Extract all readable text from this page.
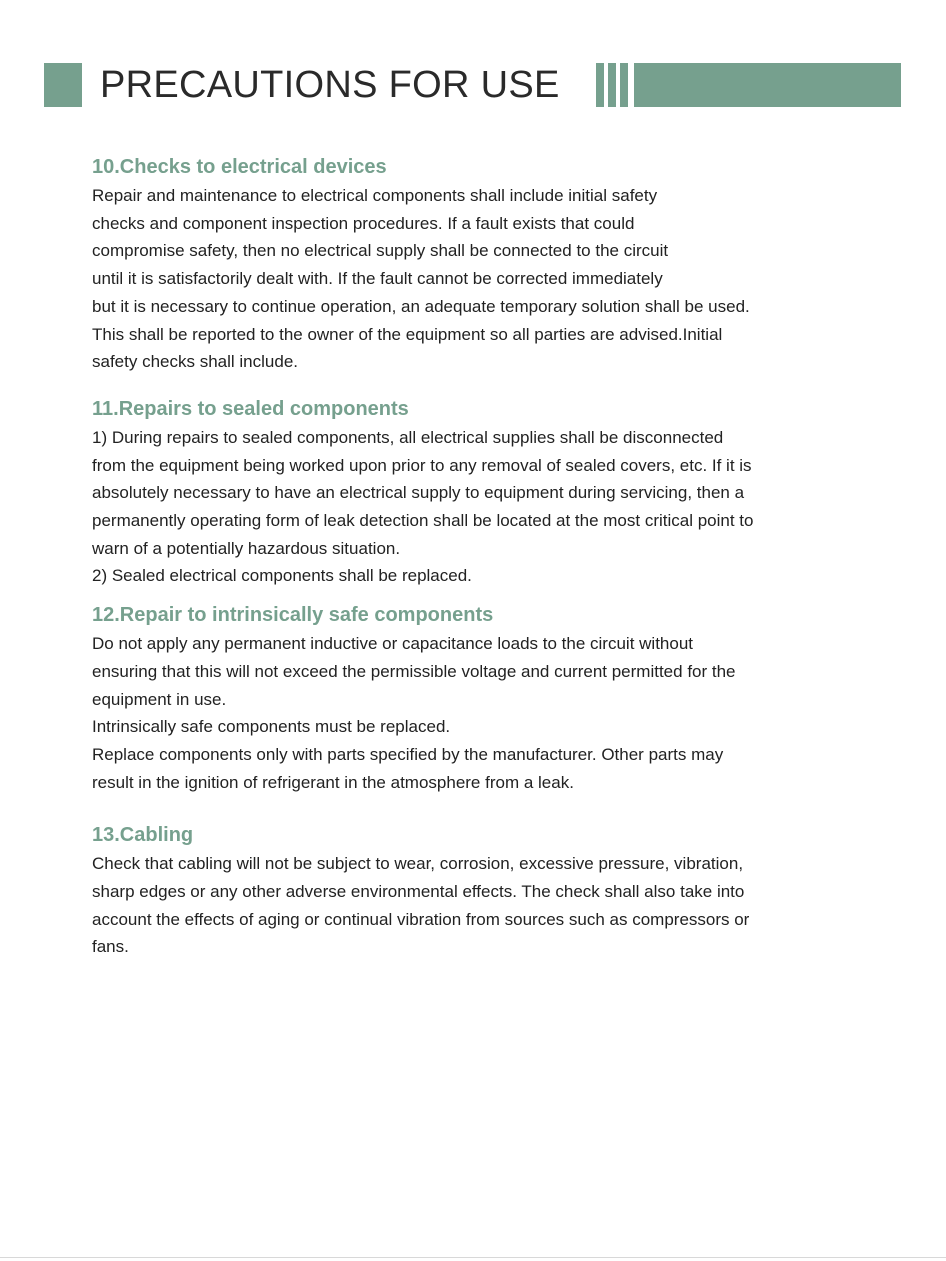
PRECAUTIONS FOR USE
10.Checks to electrical devices

Repair and maintenance to electrical components shall include initial safety

checks and component inspection procedures. If a fault exists that could

compromise safety, then no electrical supply shall be connected to the circuit

until it is satisfactorily dealt with. If the fault cannot be corrected immediately

but it is necessary to continue operation, an adequate temporary solution shall be used.

This shall be reported to the owner of the equipment so all parties are advised.Initial

safety checks shall include.

11.Repairs to sealed components

1) During repairs to sealed components, all electrical supplies shall be disconnected

from the equipment being worked upon prior to any removal of sealed covers, etc. If it is

absolutely necessary to have an electrical supply to equipment during servicing, then a

permanently operating form of leak detection shall be located at the most critical point to

warn of a potentially hazardous situation.

2) Sealed electrical components shall be replaced.

12.Repair to intrinsically safe components

Do not apply any permanent inductive or capacitance loads to the circuit without

ensuring that this will not exceed the permissible voltage and current permitted for the

equipment in use.

Intrinsically safe components must be replaced.

Replace components only with parts specified by the manufacturer. Other parts may

result in the ignition of refrigerant in the atmosphere from a leak.

13.Cabling

Check that cabling will not be subject to wear, corrosion, excessive pressure, vibration,

sharp edges or any other adverse environmental effects. The check shall also take into

account the effects of aging or continual vibration from sources such as compressors or

fans.
